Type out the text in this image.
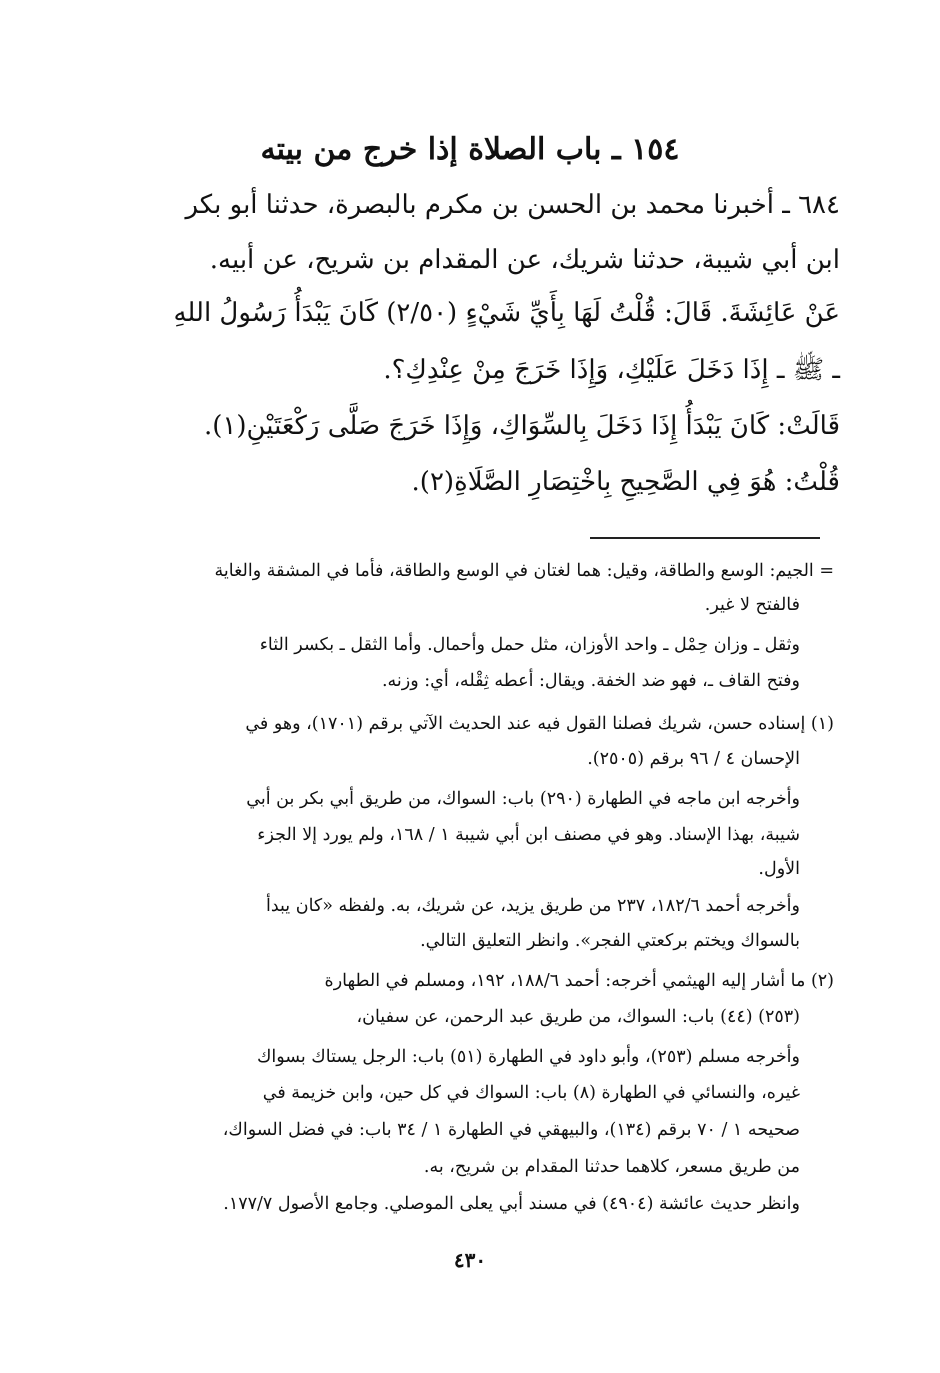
١٥٤ ـ باب الصلاة إذا خرج من بيته
٦٨٤ ـ أخبرنا محمد بن الحسن بن مكرم بالبصرة، حدثنا أبو بكر
ابن أبي شيبة، حدثنا شريك، عن المقدام بن شريح، عن أبيه.
عَنْ عَائِشَةَ. قَالَ: قُلْتُ لَهَا بِأَيِّ شَيْءٍ (٢/٥٠) كَانَ يَبْدَأُ رَسُولُ اللهِ
ـ ﷺ ـ إِذَا دَخَلَ عَلَيْكِ، وَإِذَا خَرَجَ مِنْ عِنْدِكِ؟.
قَالَتْ: كَانَ يَبْدَأُ إِذَا دَخَلَ بِالسِّوَاكِ، وَإِذَا خَرَجَ صَلَّى رَكْعَتَيْنِ(١).
قُلْتُ: هُوَ فِي الصَّحِيحِ بِاخْتِصَارِ الصَّلَاةِ(٢).
= الجيم: الوسع والطاقة، وقيل: هما لغتان في الوسع والطاقة، فأما في المشقة والغاية
فالفتح لا غير.
وثقل ـ وزان حِمْل ـ واحد الأوزان، مثل حمل وأحمال. وأما الثقل ـ بكسر الثاء
وفتح القاف ـ، فهو ضد الخفة. ويقال: أعطه ثِقْله، أي: وزنه.
(١) إسناده حسن، شريك فصلنا القول فيه عند الحديث الآتي برقم (١٧٠١)، وهو في
الإحسان ٤ / ٩٦ برقم (٢٥٠٥).
وأخرجه ابن ماجه في الطهارة (٢٩٠) باب: السواك، من طريق أبي بكر بن أبي
شيبة، بهذا الإسناد. وهو في مصنف ابن أبي شيبة ١ / ١٦٨، ولم يورد إلا الجزء
الأول.
وأخرجه أحمد ١٨٢/٦، ٢٣٧ من طريق يزيد، عن شريك، به. ولفظه «كان يبدأ
بالسواك ويختم بركعتي الفجر». وانظر التعليق التالي.
(٢) ما أشار إليه الهيثمي أخرجه: أحمد ١٨٨/٦، ١٩٢، ومسلم في الطهارة
(٢٥٣) (٤٤) باب: السواك، من طريق عبد الرحمن، عن سفيان،
وأخرجه مسلم (٢٥٣)، وأبو داود في الطهارة (٥١) باب: الرجل يستاك بسواك
غيره، والنسائي في الطهارة (٨) باب: السواك في كل حين، وابن خزيمة في
صحيحه ١ / ٧٠ برقم (١٣٤)، والبيهقي في الطهارة ١ / ٣٤ باب: في فضل السواك،
من طريق مسعر، كلاهما حدثنا المقدام بن شريح، به.
وانظر حديث عائشة (٤٩٠٤) في مسند أبي يعلى الموصلي. وجامع الأصول ١٧٧/٧.
٤٣٠
